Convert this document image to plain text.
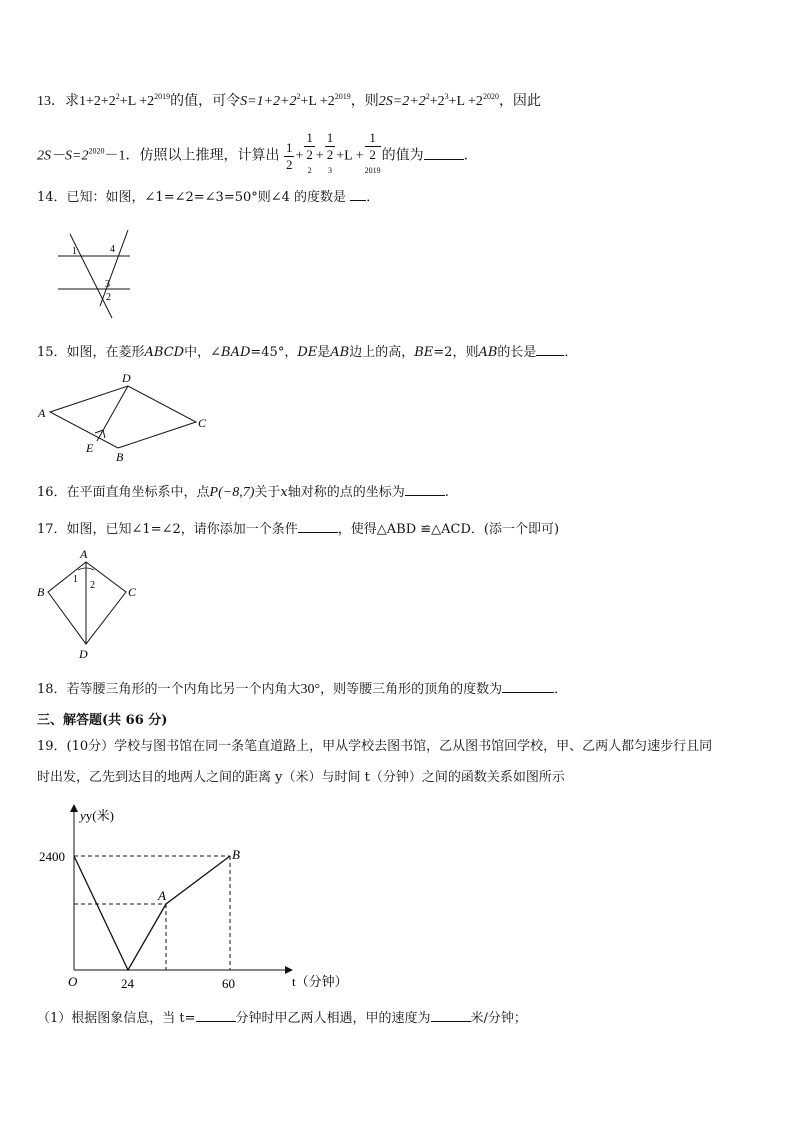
13．求$1+2+2^2+L +2^{2019}$的值，可令$S=1+2+2^2+L +2^{2019}$，则$2S=2+2^2+2^3+L +2^{2020}$，因此
$2S-S=2^{2020}-1$．仿照以上推理，计算出 $\frac{1}{2} + 1$
2
$^2$ + 1
2
$^3$ +L + 1
2
$^{2019}$ 的值为	．
14．已知：如图，∠1=∠2=∠3=50°则∠4 的度数是 ．
1	4
3
2
15．如图，在菱形ABCD中，∠BAD=45°，DE是AB边上的高，BE=2，则AB的长是 ．
A
D
C
E
B
16．在平面直角坐标系中，点P(−8,7)关于x轴对称的点的坐标为	.
17．如图，已知∠1=∠2，请你添加一个条件	，使得△ABD ≌△ACD．(添一个即可)
A
B	C
D
1
2
18．若等腰三角形的一个内角比另一个内角大30°，则等腰三角形的顶角的度数为	．
三、解答题(共 66 分)
19．(10分）学校与图书馆在同一条笔直道路上，甲从学校去图书馆，乙从图书馆回学校，甲、乙两人都匀速步行且同
时出发，乙先到达目的地两人之间的距离 y（米）与时间 t（分钟）之间的函数关系如图所示
yy(米)
t（分钟）
O
2400
24	60
A
B
（1）根据图象信息，当 t=	分钟时甲乙两人相遇，甲的速度为	米/分钟；
